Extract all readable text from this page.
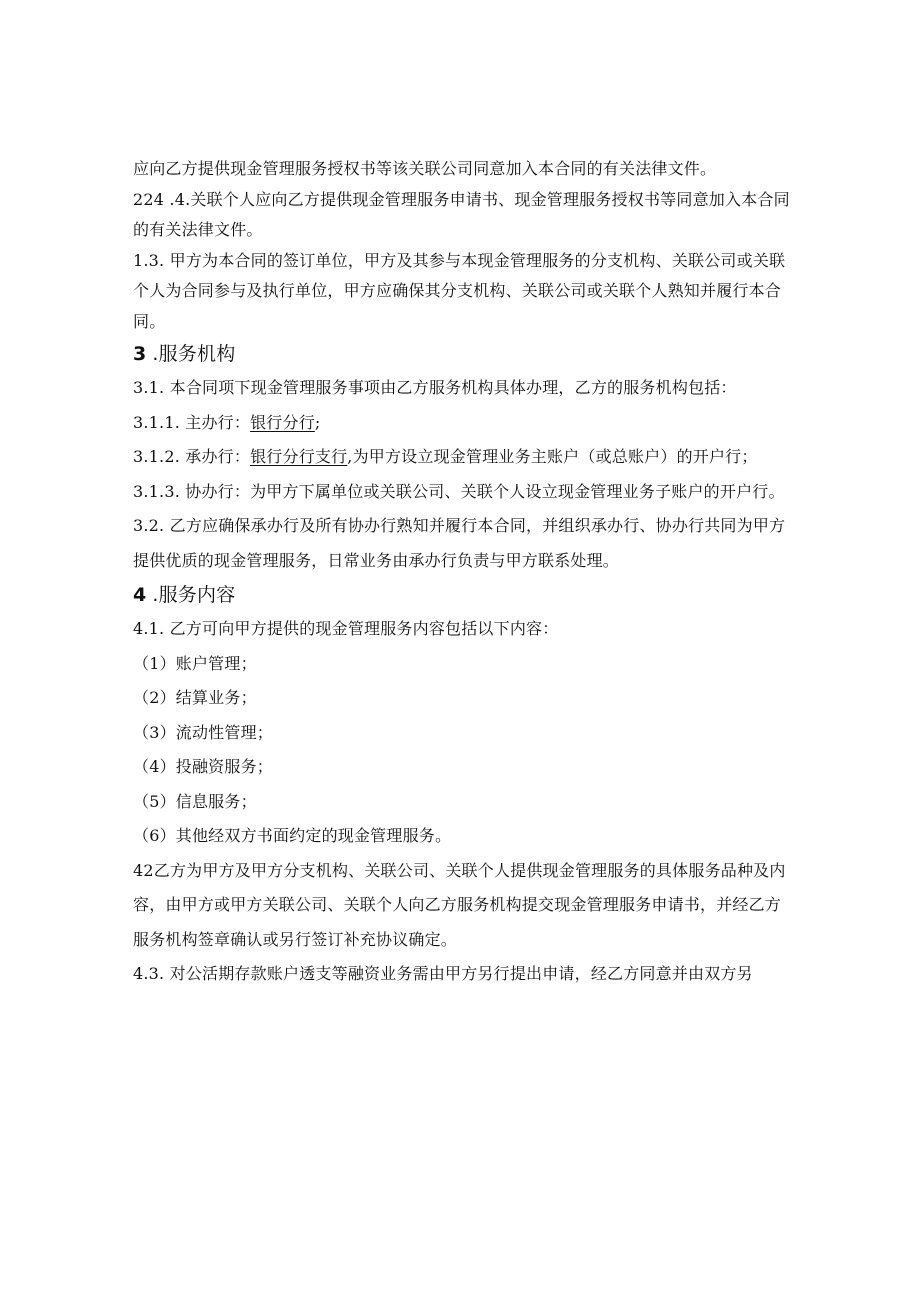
应向乙方提供现金管理服务授权书等该关联公司同意加入本合同的有关法律文件。

224 .4.关联个人应向乙方提供现金管理服务申请书、现金管理服务授权书等同意加入本合同的有关法律文件。

1.3. 甲方为本合同的签订单位，甲方及其参与本现金管理服务的分支机构、关联公司或关联个人为合同参与及执行单位，甲方应确保其分支机构、关联公司或关联个人熟知并履行本合同。

3 .服务机构

3.1. 本合同项下现金管理服务事项由乙方服务机构具体办理，乙方的服务机构包括：

3.1.1. 主办行：银行分行;

3.1.2. 承办行：银行分行支行,为甲方设立现金管理业务主账户（或总账户）的开户行；

3.1.3. 协办行：为甲方下属单位或关联公司、关联个人设立现金管理业务子账户的开户行。

3.2. 乙方应确保承办行及所有协办行熟知并履行本合同，并组织承办行、协办行共同为甲方提供优质的现金管理服务，日常业务由承办行负责与甲方联系处理。

4 .服务内容

4.1. 乙方可向甲方提供的现金管理服务内容包括以下内容：

（1）账户管理；

（2）结算业务；

（3）流动性管理；

（4）投融资服务；

（5）信息服务；

（6）其他经双方书面约定的现金管理服务。

42乙方为甲方及甲方分支机构、关联公司、关联个人提供现金管理服务的具体服务品种及内容，由甲方或甲方关联公司、关联个人向乙方服务机构提交现金管理服务申请书，并经乙方服务机构签章确认或另行签订补充协议确定。

4.3. 对公活期存款账户透支等融资业务需由甲方另行提出申请，经乙方同意并由双方另
